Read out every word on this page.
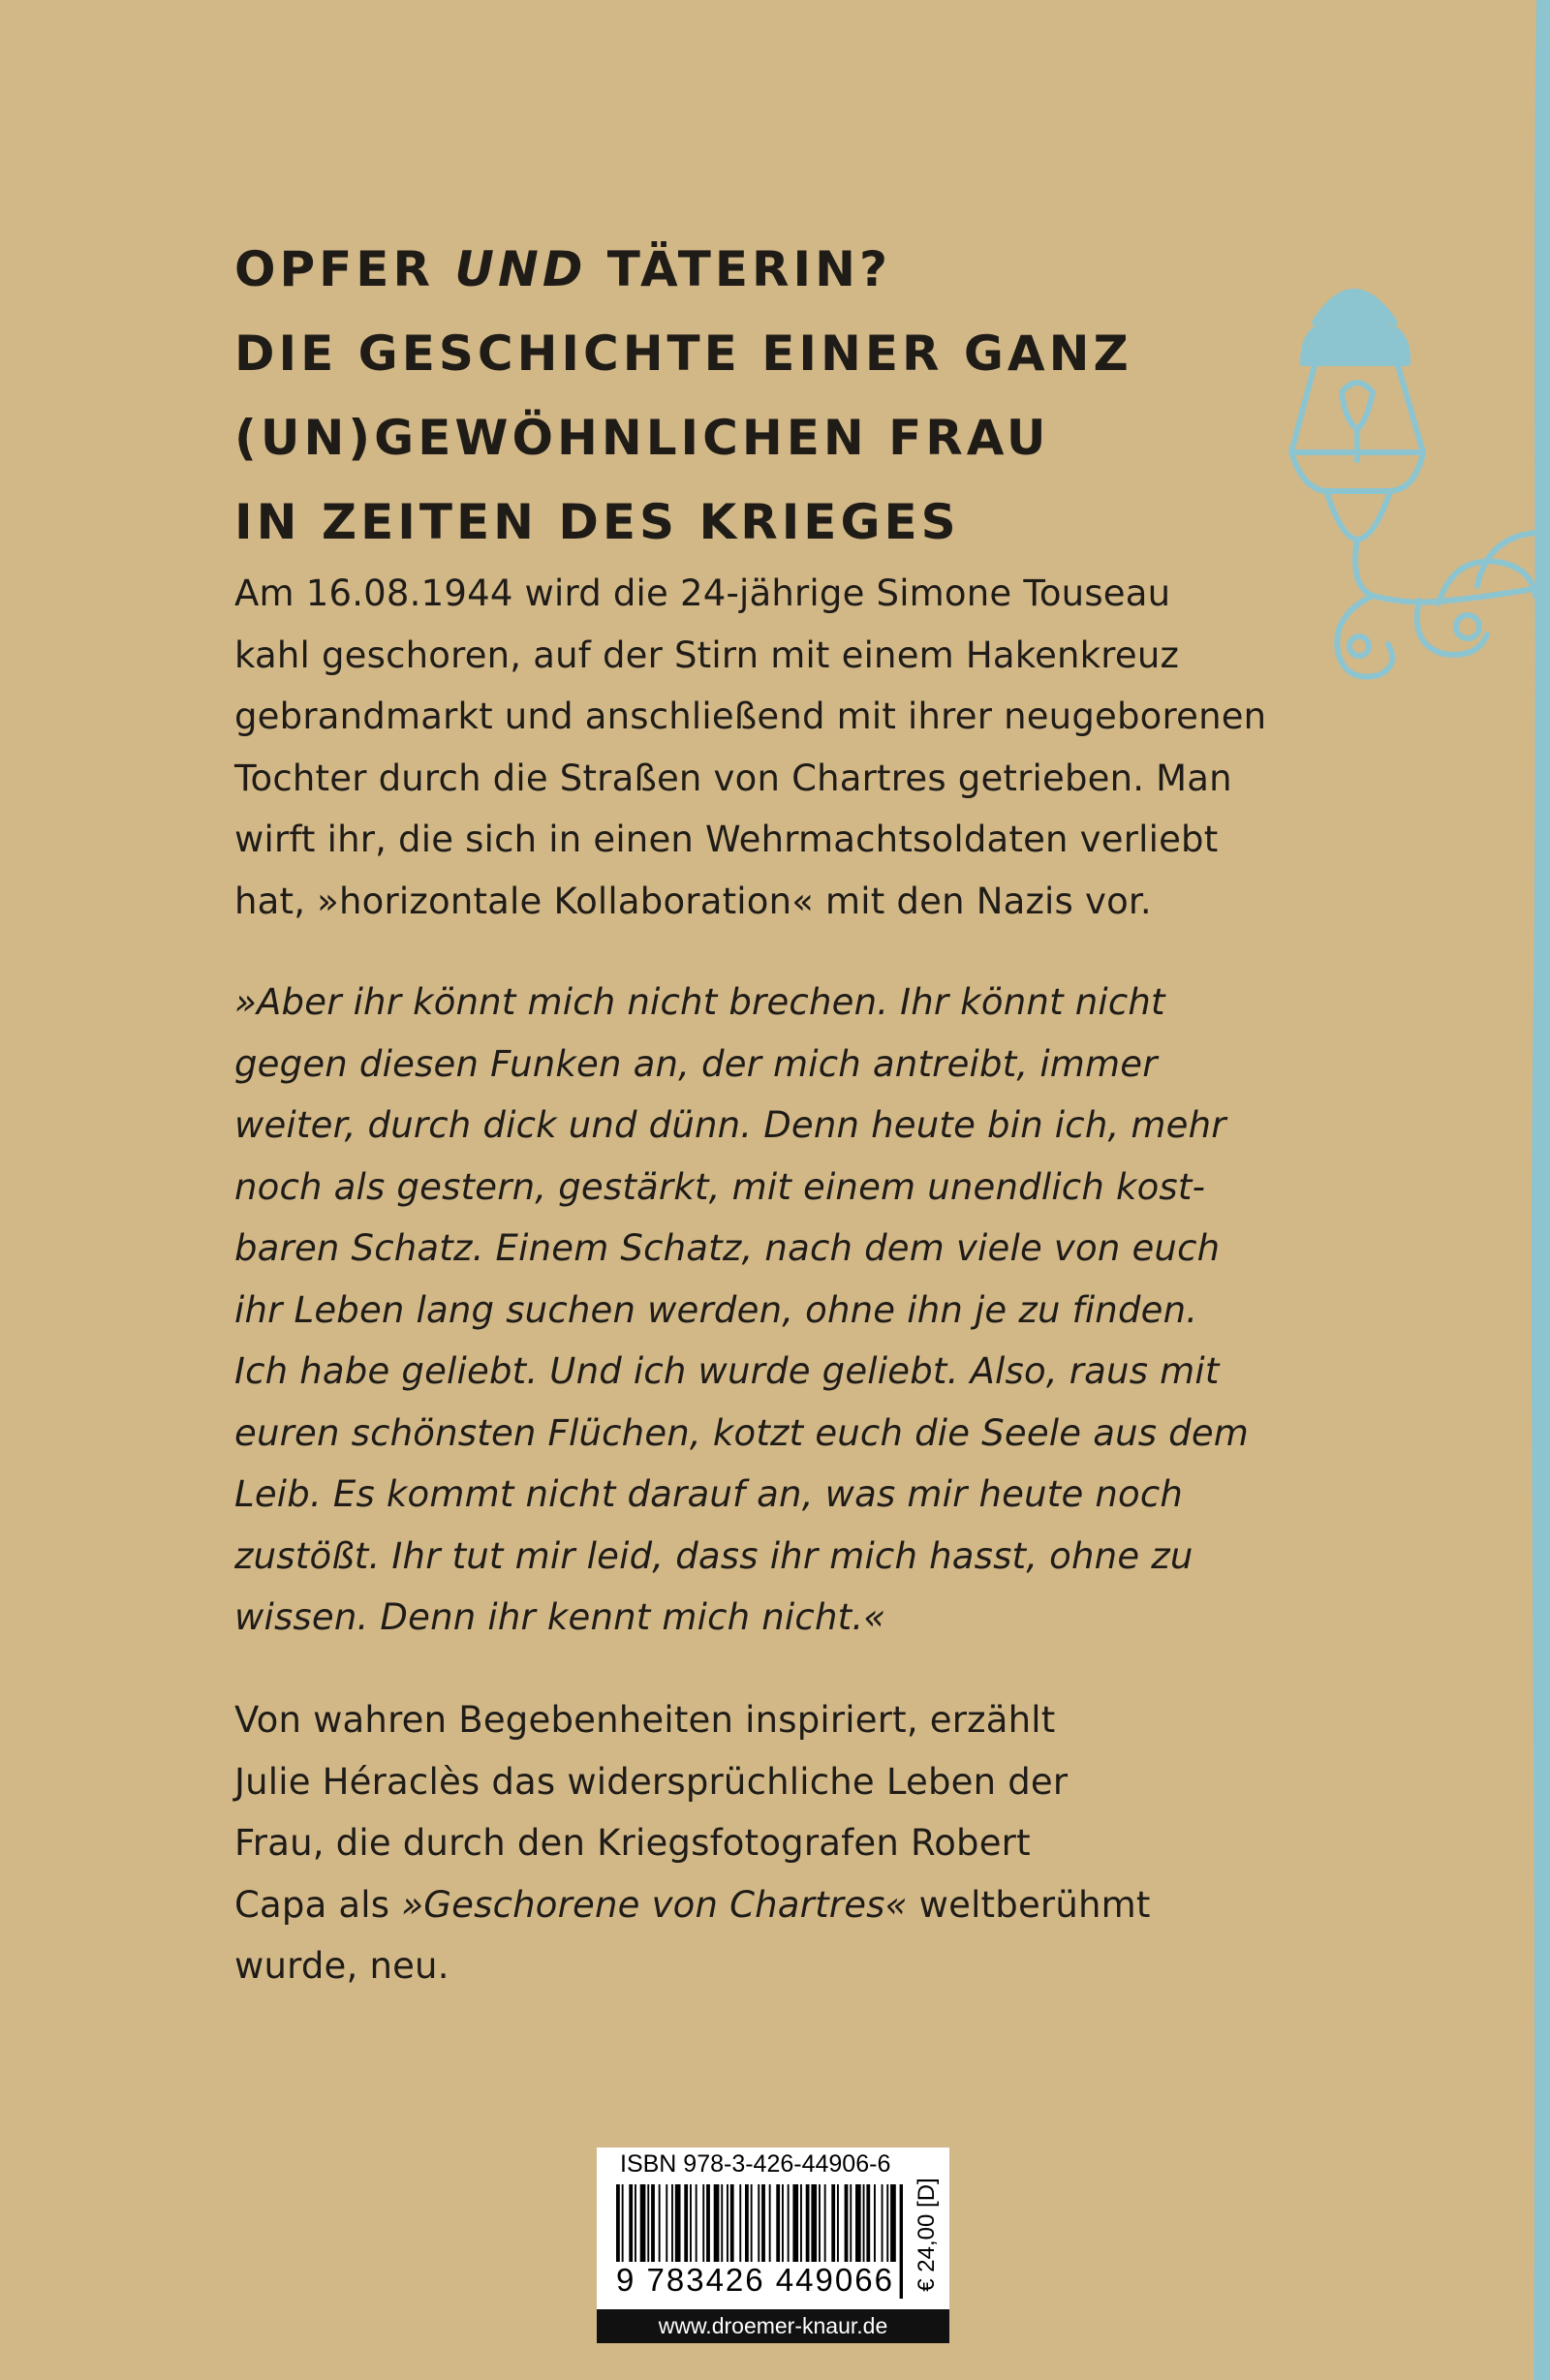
OPFER UND TÄTERIN?
DIE GESCHICHTE EINER GANZ
(UN)GEWÖHNLICHEN FRAU
IN ZEITEN DES KRIEGES

Am 16.08.1944 wird die 24-jährige Simone Touseau
kahl geschoren, auf der Stirn mit einem Hakenkreuz
gebrandmarkt und anschließend mit ihrer neugeborenen
Tochter durch die Straßen von Chartres getrieben. Man
wirft ihr, die sich in einen Wehrmachtsoldaten verliebt
hat, »horizontale Kollaboration« mit den Nazis vor.

»Aber ihr könnt mich nicht brechen. Ihr könnt nicht
gegen diesen Funken an, der mich antreibt, immer
weiter, durch dick und dünn. Denn heute bin ich, mehr
noch als gestern, gestärkt, mit einem unendlich kost-
baren Schatz. Einem Schatz, nach dem viele von euch
ihr Leben lang suchen werden, ohne ihn je zu finden.
Ich habe geliebt. Und ich wurde geliebt. Also, raus mit
euren schönsten Flüchen, kotzt euch die Seele aus dem
Leib. Es kommt nicht darauf an, was mir heute noch
zustößt. Ihr tut mir leid, dass ihr mich hasst, ohne zu
wissen. Denn ihr kennt mich nicht.«

Von wahren Begebenheiten inspiriert, erzählt
Julie Héraclès das widersprüchliche Leben der
Frau, die durch den Kriegsfotografen Robert
Capa als »Geschorene von Chartres« weltberühmt
wurde, neu.

ISBN 978-3-426-44906-6
9 783426 449066 € 24,00 [D]
www.droemer-knaur.de
